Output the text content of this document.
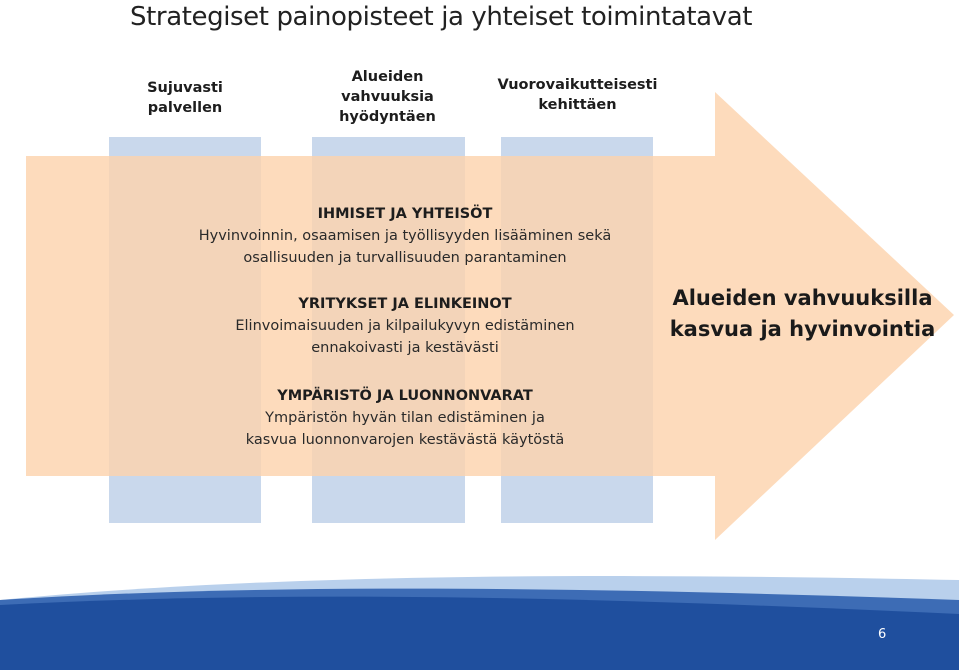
Strategiset painopisteet ja yhteiset toimintatavat
Sujuvasti
palvellen
Alueiden
vahvuuksia
hyödyntäen
Vuorovaikutteisesti
kehittäen
IHMISET JA YHTEISÖT
Hyvinvoinnin, osaamisen ja työllisyyden lisääminen sekä
osallisuuden ja turvallisuuden parantaminen
YRITYKSET JA ELINKEINOT
Elinvoimaisuuden ja kilpailukyvyn edistäminen
ennakoivasti ja kestävästi
YMPÄRISTÖ JA LUONNONVARAT
Ympäristön hyvän tilan edistäminen ja
kasvua luonnonvarojen kestävästä käytöstä
Alueiden vahvuuksilla
kasvua ja hyvinvointia
6
